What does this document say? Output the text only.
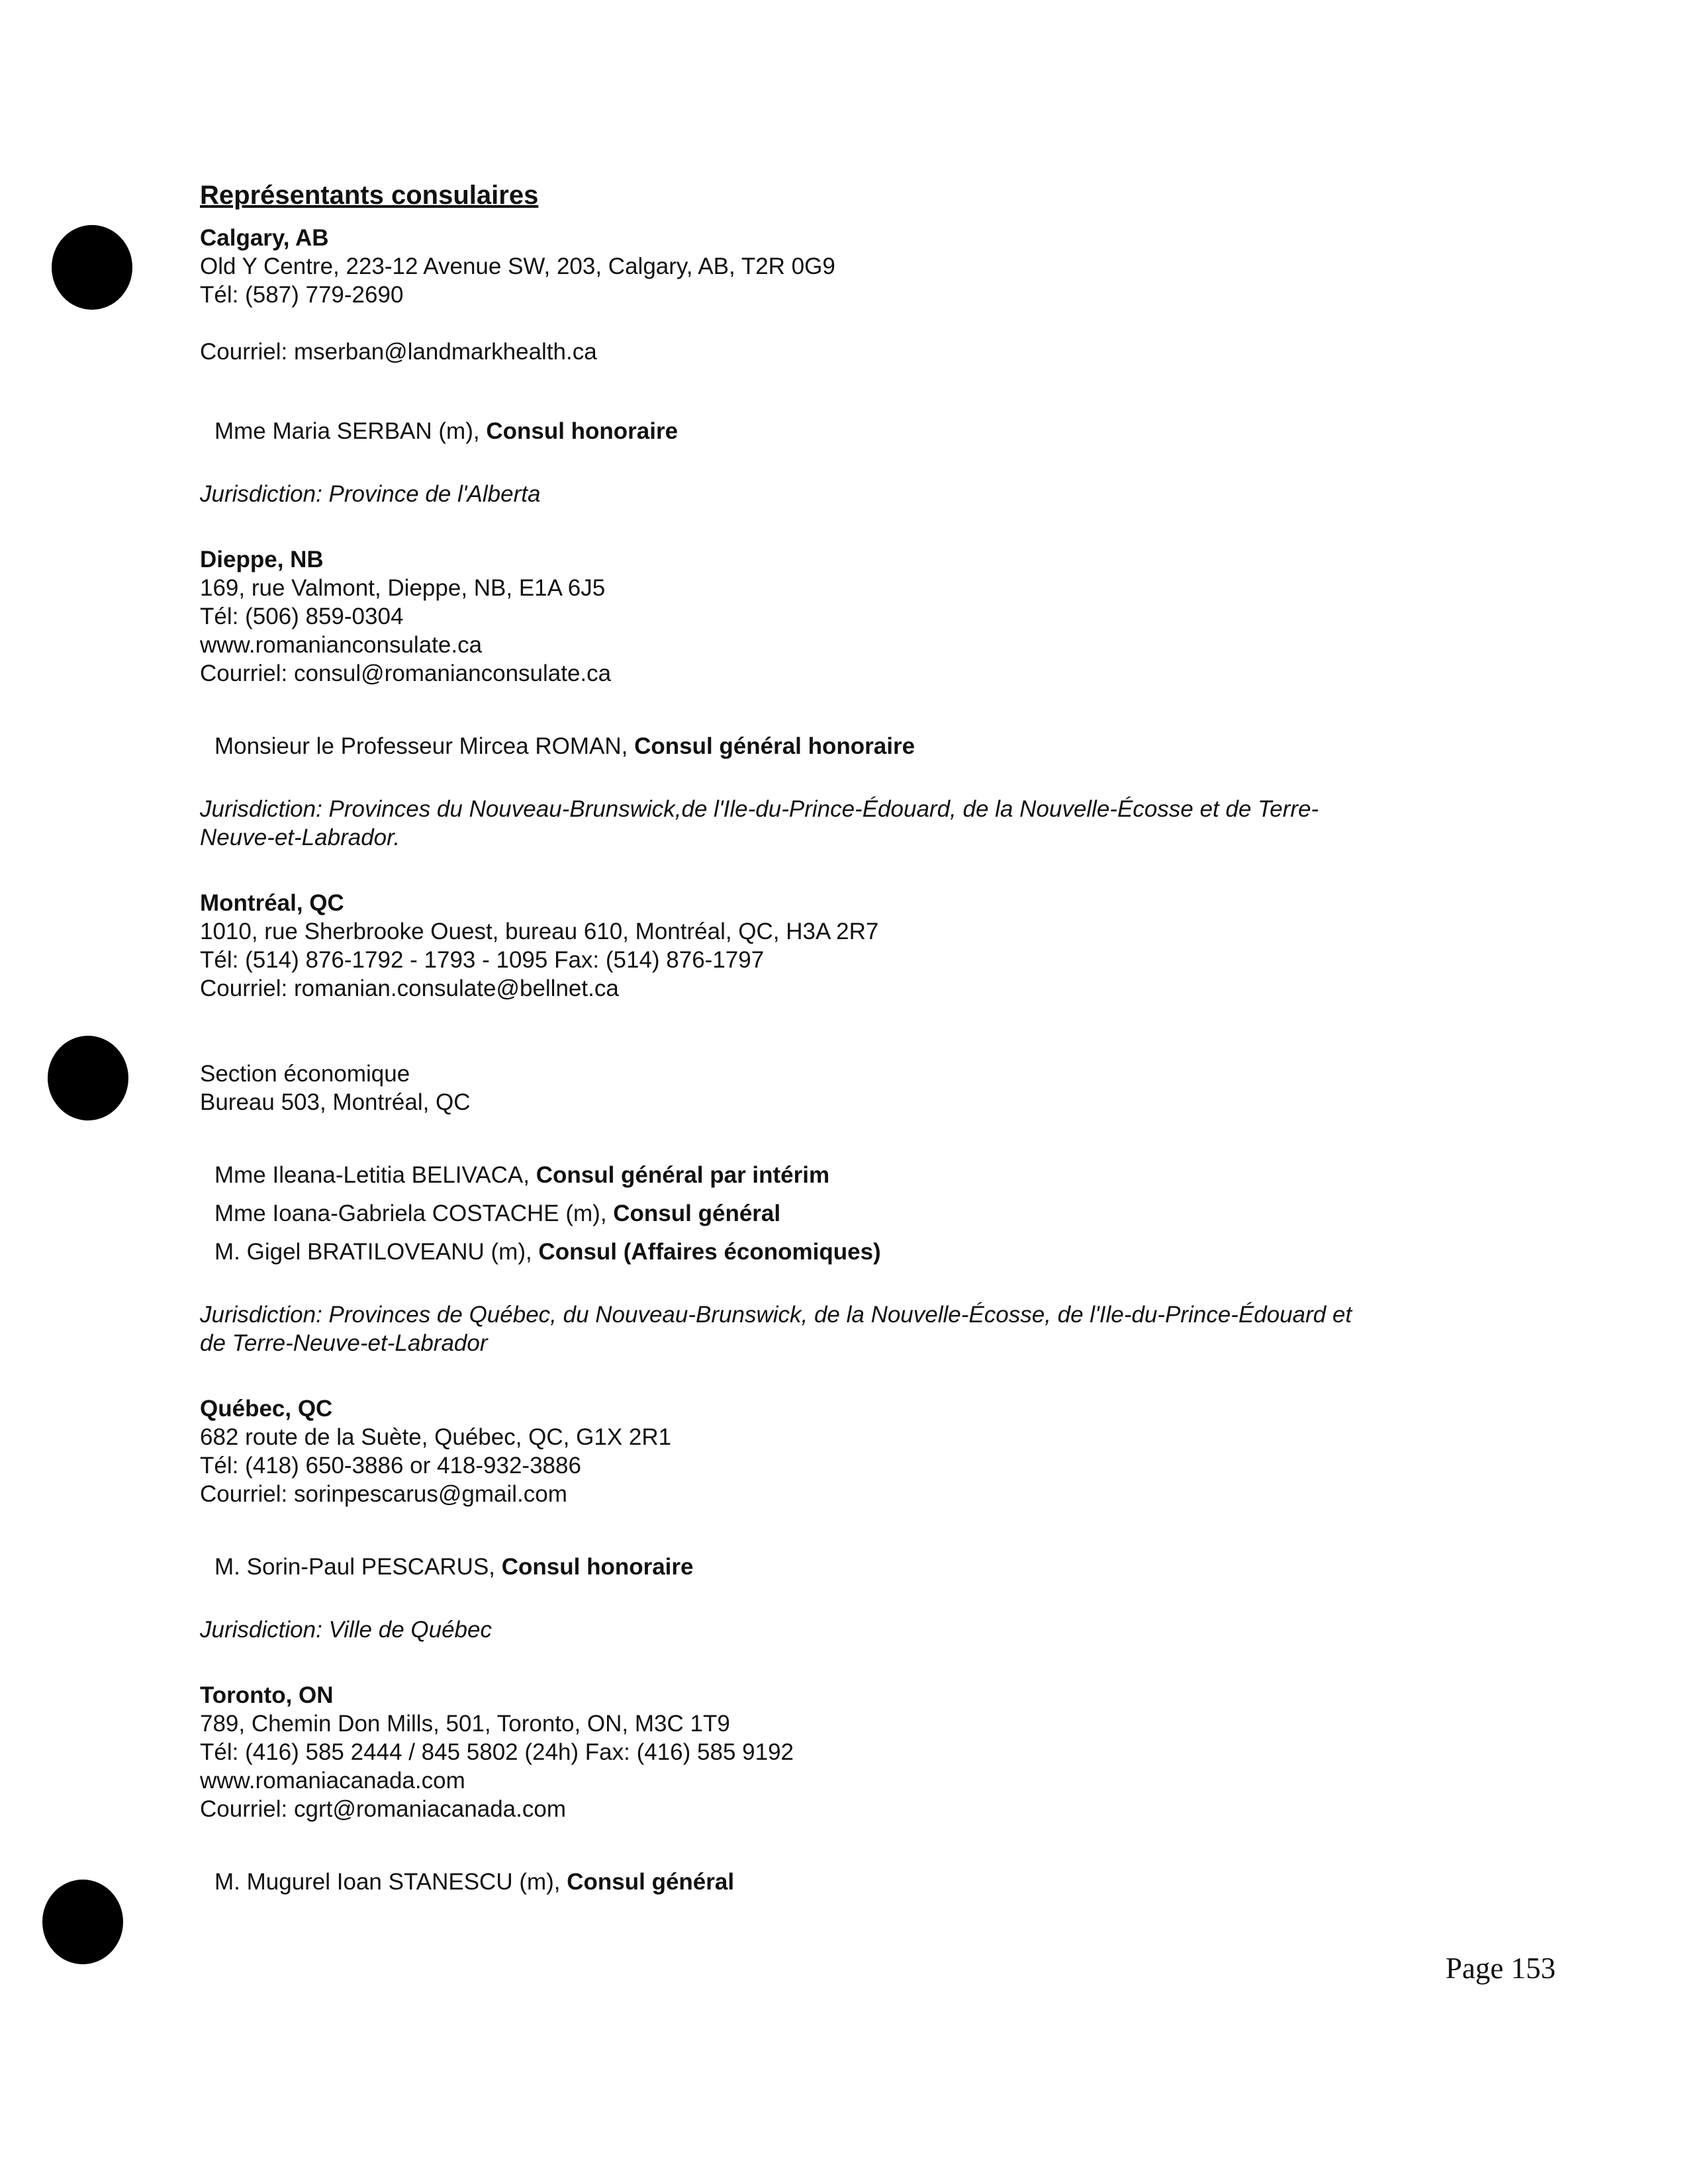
Représentants consulaires
Calgary, AB
Old Y Centre, 223-12 Avenue SW, 203, Calgary, AB, T2R 0G9
Tél: (587) 779-2690
Courriel: mserban@landmarkhealth.ca
Mme Maria SERBAN (m), Consul honoraire
Jurisdiction: Province de l'Alberta
Dieppe, NB
169, rue Valmont, Dieppe, NB, E1A 6J5
Tél: (506) 859-0304
www.romanianconsulate.ca
Courriel: consul@romanianconsulate.ca
Monsieur le Professeur Mircea ROMAN, Consul général honoraire
Jurisdiction: Provinces du Nouveau-Brunswick,de l'Ile-du-Prince-Édouard, de la Nouvelle-Écosse et de Terre-Neuve-et-Labrador.
Montréal, QC
1010, rue Sherbrooke Ouest, bureau 610, Montréal, QC, H3A 2R7
Tél: (514) 876-1792 - 1793 - 1095 Fax: (514) 876-1797
Courriel: romanian.consulate@bellnet.ca
Section économique
Bureau 503, Montréal, QC
Mme Ileana-Letitia BELIVACA, Consul général par intérim
Mme Ioana-Gabriela COSTACHE (m), Consul général
M. Gigel BRATILOVEANU (m), Consul (Affaires économiques)
Jurisdiction: Provinces de Québec, du Nouveau-Brunswick, de la Nouvelle-Écosse, de l'Ile-du-Prince-Édouard et de Terre-Neuve-et-Labrador
Québec, QC
682 route de la Suète, Québec, QC, G1X 2R1
Tél: (418) 650-3886 or 418-932-3886
Courriel: sorinpescarus@gmail.com
M. Sorin-Paul PESCARUS, Consul honoraire
Jurisdiction: Ville de Québec
Toronto, ON
789, Chemin Don Mills, 501, Toronto, ON, M3C 1T9
Tél: (416) 585 2444 / 845 5802 (24h) Fax: (416) 585 9192
www.romaniacanada.com
Courriel: cgrt@romaniacanada.com
M. Mugurel Ioan STANESCU (m), Consul général
Page 153
